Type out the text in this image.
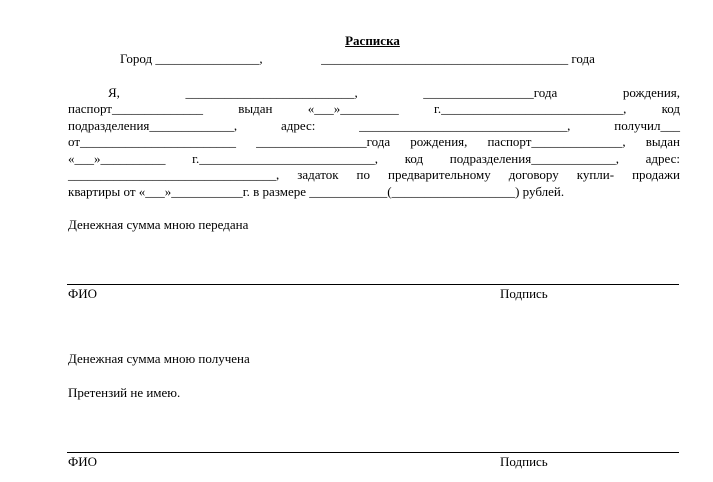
Расписка
Город ________________,                  ______________________________________ года
Я, __________________________, _________________года рождения,
паспорт______________ выдан «___»_________ г.____________________________, код
подразделения_____________, адрес: ________________________________, получил___
от________________________ _________________года рождения, паспорт______________, выдан
«___»__________ г.___________________________, код подразделения_____________, адрес:
________________________________, задаток по предварительному договору купли- продажи
квартиры от «___»___________г. в размере ____________(___________________) рублей.
Денежная сумма мною передана
ФИО	Подпись
Денежная сумма мною получена
Претензий не имею.
ФИО	Подпись
